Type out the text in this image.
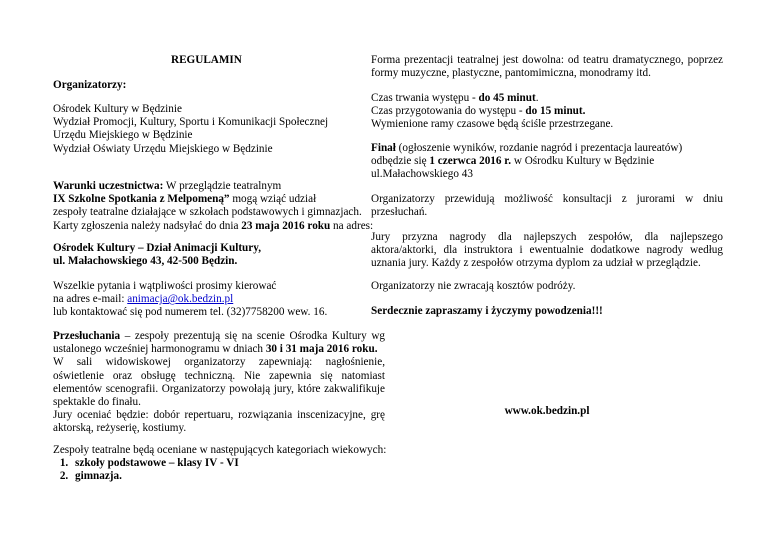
REGULAMIN
Organizatorzy:
Ośrodek Kultury w Będzinie
Wydział Promocji, Kultury, Sportu i Komunikacji Społecznej
Urzędu Miejskiego w Będzinie
Wydział Oświaty Urzędu Miejskiego w Będzinie
Warunki uczestnictwa: W przeglądzie teatralnym
IX Szkolne Spotkania z Melpomeną” mogą wziąć udział
zespoły teatralne działające w szkołach podstawowych i gimnazjach.
Karty zgłoszenia należy nadsyłać do dnia 23 maja 2016 roku na adres:
Ośrodek Kultury – Dział Animacji Kultury,
ul. Małachowskiego 43, 42-500 Będzin.
Wszelkie pytania i wątpliwości prosimy kierować
na adres e-mail: animacja@ok.bedzin.pl
lub kontaktować się pod numerem tel. (32)7758200 wew. 16.
Przesłuchania – zespoły prezentują się na scenie Ośrodka Kultury wg ustalonego wcześniej harmonogramu w dniach 30 i 31 maja 2016 roku.
W sali widowiskowej organizatorzy zapewniają: nagłośnienie, oświetlenie oraz obsługę techniczną. Nie zapewnia się natomiast elementów scenografii. Organizatorzy powołają jury, które zakwalifikuje spektakle do finału.
Jury oceniać będzie: dobór repertuaru, rozwiązania inscenizacyjne, grę aktorską, reżyserię, kostiumy.
Zespoły teatralne będą oceniane w następujących kategoriach wiekowych:
1. szkoły podstawowe – klasy IV - VI
2. gimnazja.
Forma prezentacji teatralnej jest dowolna: od teatru dramatycznego, poprzez formy muzyczne, plastyczne, pantomimiczna, monodramy itd.
Czas trwania występu - do 45 minut.
Czas przygotowania do występu - do 15 minut.
Wymienione ramy czasowe będą ściśle przestrzegane.
Finał (ogłoszenie wyników, rozdanie nagród i prezentacja laureatów)
odbędzie się 1 czerwca 2016 r. w Ośrodku Kultury w Będzinie
ul.Małachowskiego 43
Organizatorzy przewidują możliwość konsultacji z jurorami w dniu przesłuchań.
Jury przyzna nagrody dla najlepszych zespołów, dla najlepszego aktora/aktorki, dla instruktora i ewentualnie dodatkowe nagrody według uznania jury. Każdy z zespołów otrzyma dyplom za udział w przeglądzie.
Organizatorzy nie zwracają kosztów podróży.
Serdecznie zapraszamy i życzymy powodzenia!!!
www.ok.bedzin.pl
